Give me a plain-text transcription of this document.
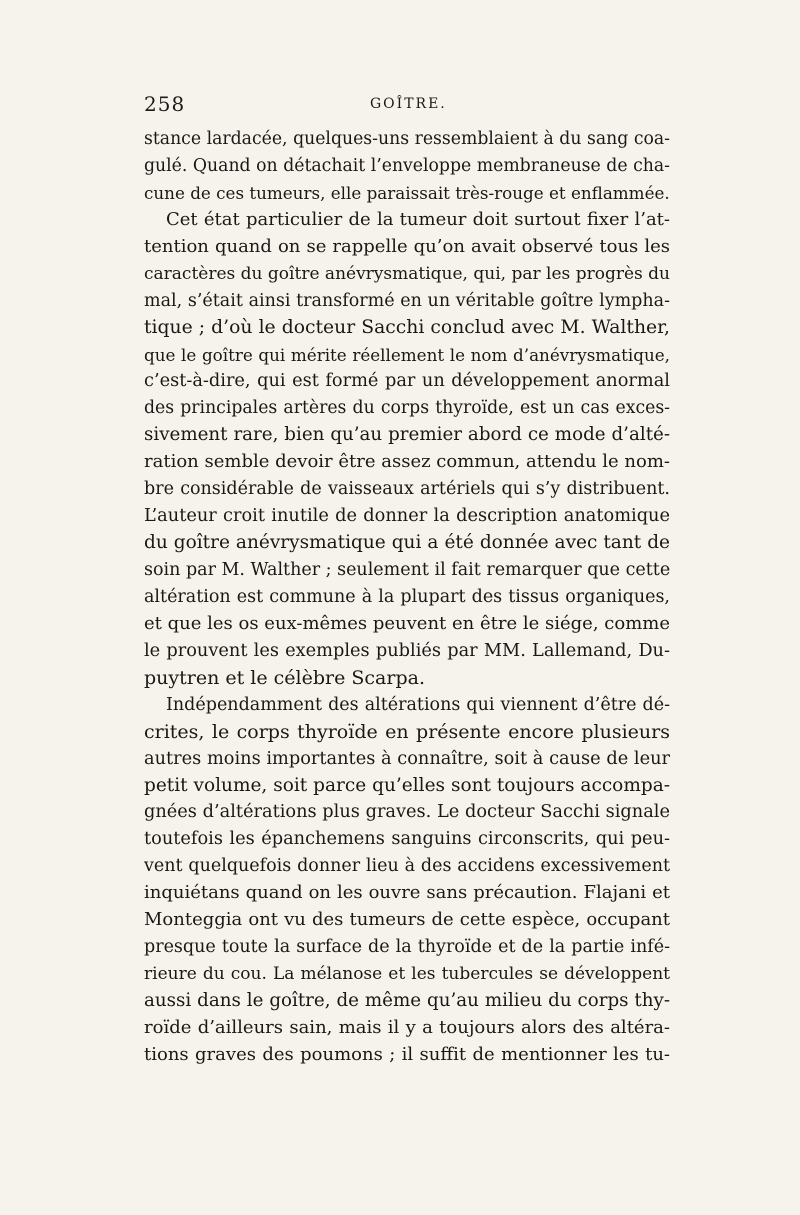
258	GOÎTRE.
stance lardacée, quelques-uns ressemblaient à du sang coa-
gulé. Quand on détachait l’enveloppe membraneuse de cha-
cune de ces tumeurs, elle paraissait très-rouge et enflammée.
Cet état particulier de la tumeur doit surtout fixer l’at-
tention quand on se rappelle qu’on avait observé tous les
caractères du goître anévrysmatique, qui, par les progrès du
mal, s’était ainsi transformé en un véritable goître lympha-
tique ; d’où le docteur Sacchi conclud avec M. Walther,
que le goître qui mérite réellement le nom d’anévrysmatique,
c’est-à-dire, qui est formé par un développement anormal
des principales artères du corps thyroïde, est un cas exces-
sivement rare, bien qu’au premier abord ce mode d’alté-
ration semble devoir être assez commun, attendu le nom-
bre considérable de vaisseaux artériels qui s’y distribuent.
L’auteur croit inutile de donner la description anatomique
du goître anévrysmatique qui a été donnée avec tant de
soin par M. Walther ; seulement il fait remarquer que cette
altération est commune à la plupart des tissus organiques,
et que les os eux-mêmes peuvent en être le siége, comme
le prouvent les exemples publiés par MM. Lallemand, Du-
puytren et le célèbre Scarpa.
Indépendamment des altérations qui viennent d’être dé-
crites, le corps thyroïde en présente encore plusieurs
autres moins importantes à connaître, soit à cause de leur
petit volume, soit parce qu’elles sont toujours accompa-
gnées d’altérations plus graves. Le docteur Sacchi signale
toutefois les épanchemens sanguins circonscrits, qui peu-
vent quelquefois donner lieu à des accidens excessivement
inquiétans quand on les ouvre sans précaution. Flajani et
Monteggia ont vu des tumeurs de cette espèce, occupant
presque toute la surface de la thyroïde et de la partie infé-
rieure du cou. La mélanose et les tubercules se développent
aussi dans le goître, de même qu’au milieu du corps thy-
roïde d’ailleurs sain, mais il y a toujours alors des altéra-
tions graves des poumons ; il suffit de mentionner les tu-
